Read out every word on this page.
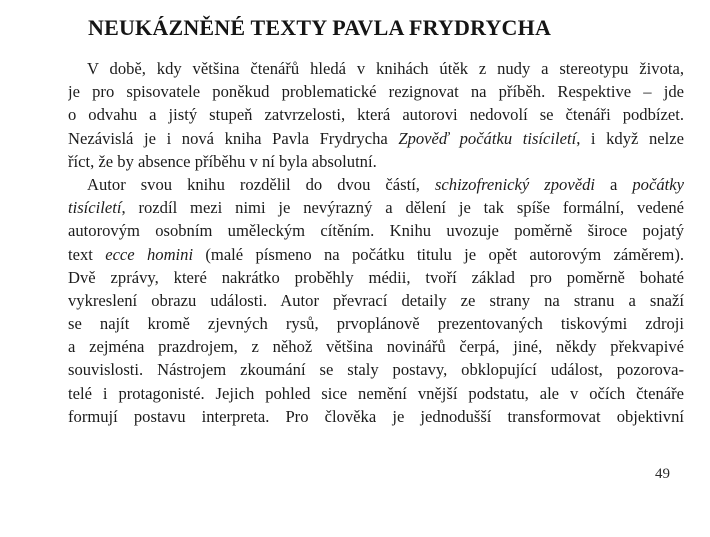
NEUKÁZNĚNÉ TEXTY PAVLA FRYDRYCHA
V době, kdy většina čtenářů hledá v knihách útěk z nudy a stereotypu života,
je pro spisovatele poněkud problematické rezignovat na příběh. Respektive – jde
o odvahu a jistý stupeň zatvrzelosti, která autorovi nedovolí se čtenáři podbízet.
Nezávislá je i nová kniha Pavla Frydrycha Zpověď počátku tisíciletí, i když nelze
říct, že by absence příběhu v ní byla absolutní.
Autor svou knihu rozdělil do dvou částí, schizofrenický zpovědi a počátky
tisíciletí, rozdíl mezi nimi je nevýrazný a dělení je tak spíše formální, vedené
autorovým osobním uměleckým cítěním. Knihu uvozuje poměrně široce pojatý
text ecce homini (malé písmeno na počátku titulu je opět autorovým záměrem).
Dvě zprávy, které nakrátko proběhly médii, tvoří základ pro poměrně bohaté
vykreslení obrazu události. Autor převrací detaily ze strany na stranu a snaží
se najít kromě zjevných rysů, prvoplánově prezentovaných tiskovými zdroji
a zejména prazdrojem, z něhož většina novinářů čerpá, jiné, někdy překvapivé
souvislosti. Nástrojem zkoumání se staly postavy, obklopující událost, pozorova-
telé i protagonisté. Jejich pohled sice nemění vnější podstatu, ale v očích čtenáře
formují postavu interpreta. Pro člověka je jednodušší transformovat objektivní
49
